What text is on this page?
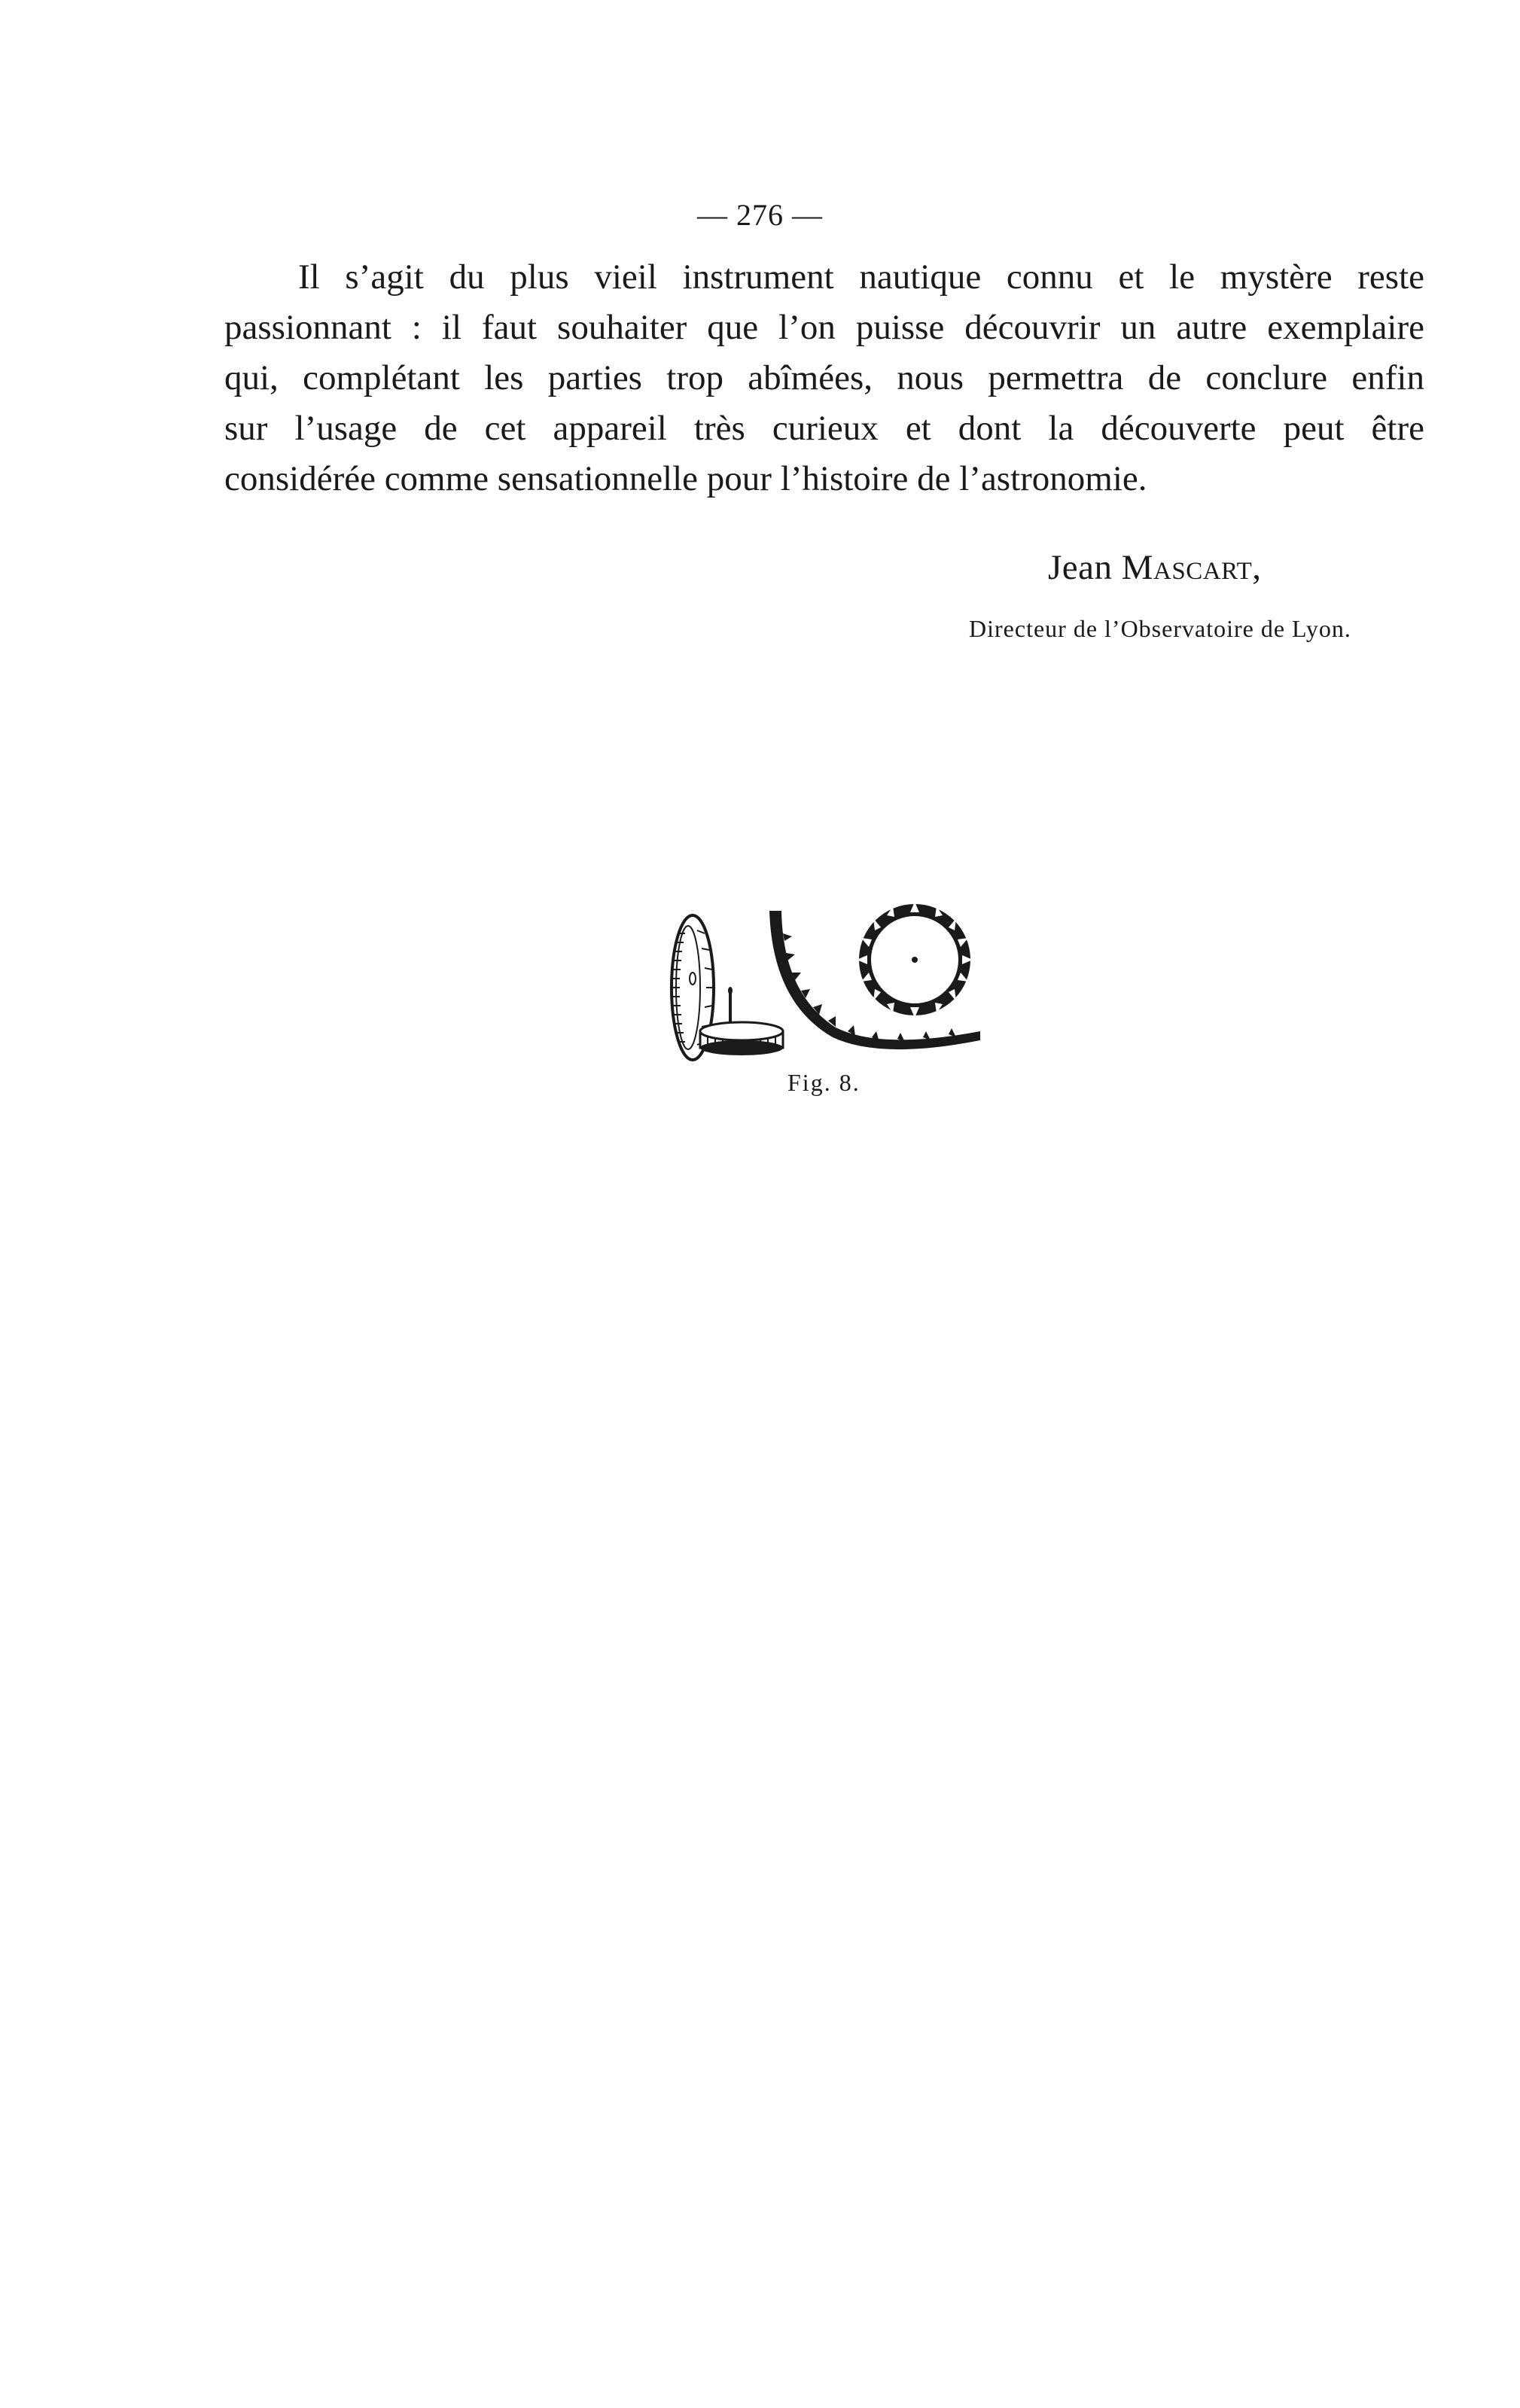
— 276 —

Il s’agit du plus vieil instrument nautique connu et le mystère reste
passionnant : il faut souhaiter que l’on puisse découvrir un autre exemplaire
qui, complétant les parties trop abîmées, nous permettra de conclure enfin
sur l’usage de cet appareil très curieux et dont la découverte peut être
considérée comme sensationnelle pour l’histoire de l’astronomie.

Jean Mascart,
Directeur de l’Observatoire de Lyon.
Fig. 8.
